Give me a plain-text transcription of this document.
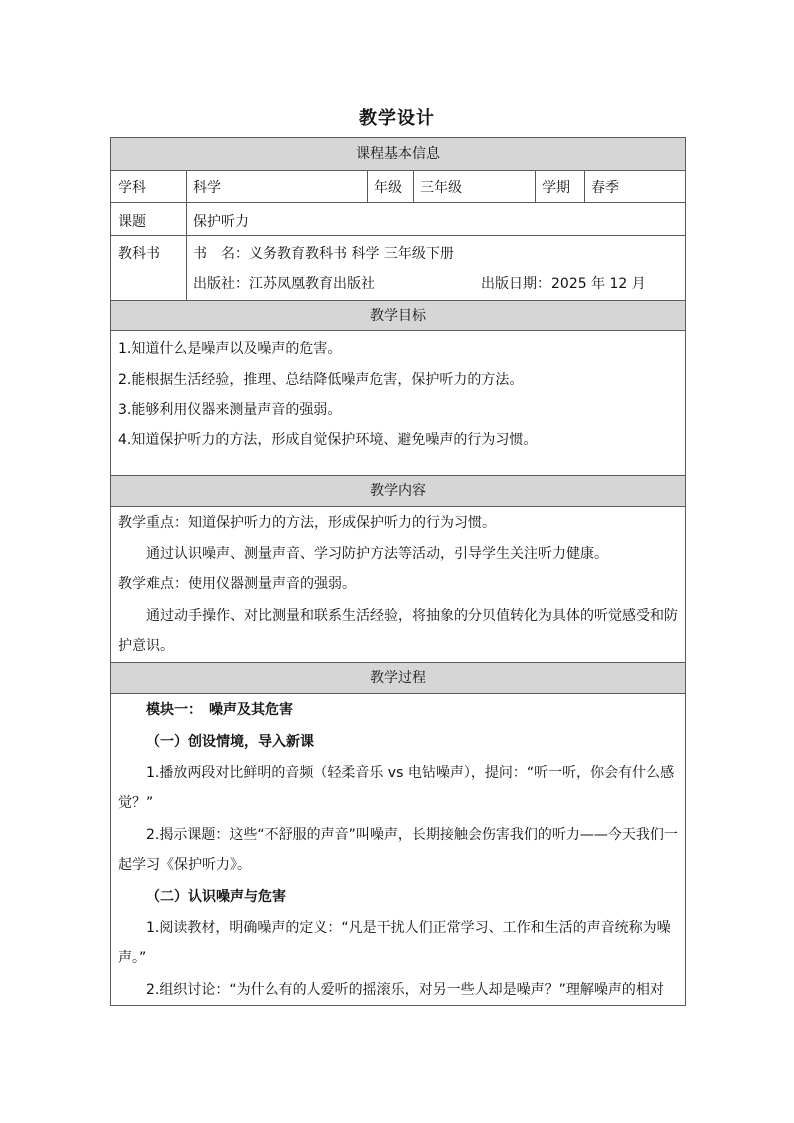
教学设计
课程基本信息
学科	科学	年级 三年级	学期 春季
课题	保护听力
教科书 书　名：义务教育教科书 科学 三年级下册
出版社：江苏凤凰教育出版社	出版日期：2025 年 12 月
教学目标

1.知道什么是噪声以及噪声的危害。

2.能根据生活经验，推理、总结降低噪声危害，保护听力的方法。

3.能够利用仪器来测量声音的强弱。

4.知道保护听力的方法，形成自觉保护环境、避免噪声的行为习惯。

教学内容

教学重点：知道保护听力的方法，形成保护听力的行为习惯。

通过认识噪声、测量声音、学习防护方法等活动，引导学生关注听力健康。

教学难点：使用仪器测量声音的强弱。

通过动手操作、对比测量和联系生活经验，将抽象的分贝值转化为具体的听觉感受和防护意识。

教学过程

模块一：　噪声及其危害

（一）创设情境，导入新课

1.播放两段对比鲜明的音频（轻柔音乐 vs 电钻噪声），提问：“听一听，你会有什么感觉？”

2.揭示课题：这些“不舒服的声音”叫噪声，长期接触会伤害我们的听力——今天我们一起学习《保护听力》。

（二）认识噪声与危害

1.阅读教材，明确噪声的定义：“凡是干扰人们正常学习、工作和生活的声音统称为噪声。”

2.组织讨论：“为什么有的人爱听的摇滚乐，对另一些人却是噪声？”理解噪声的相对
